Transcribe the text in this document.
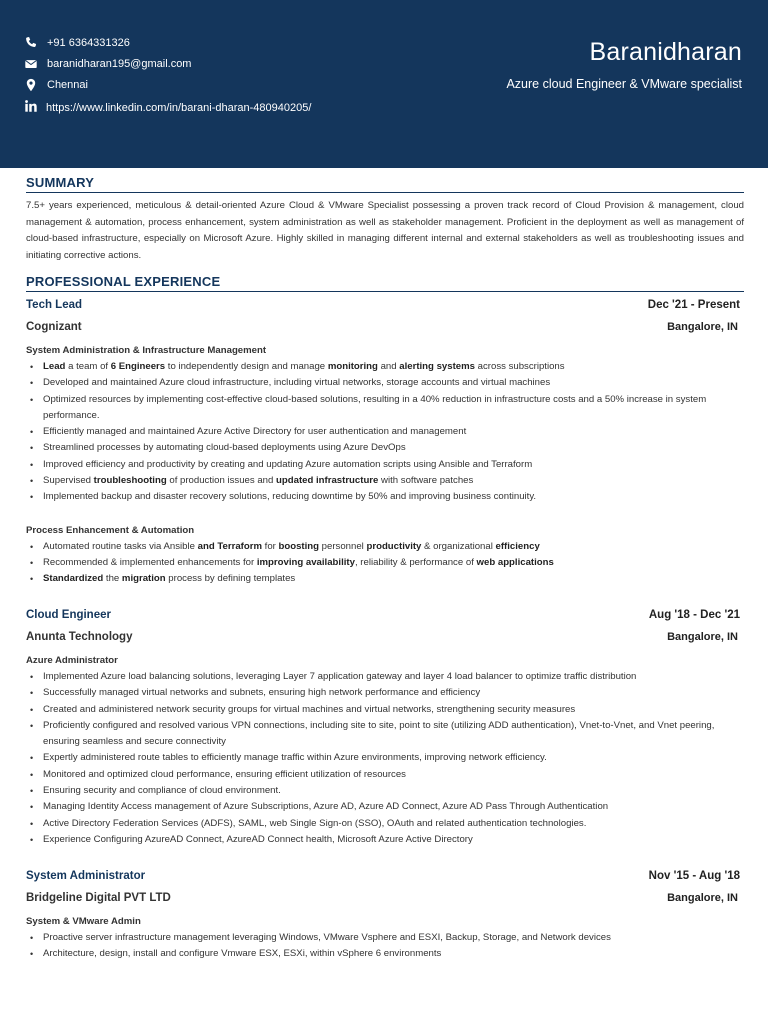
+91 6364331326
baranidharan195@gmail.com
Chennai
https://www.linkedin.com/in/barani-dharan-480940205/
Baranidharan
Azure cloud Engineer & VMware specialist
SUMMARY
7.5+ years experienced, meticulous & detail-oriented Azure Cloud & VMware Specialist possessing a proven track record of Cloud Provision & management, cloud management & automation, process enhancement, system administration as well as stakeholder management. Proficient in the deployment as well as management of cloud-based infrastructure, especially on Microsoft Azure. Highly skilled in managing different internal and external stakeholders as well as troubleshooting issues and initiating corrective actions.
PROFESSIONAL EXPERIENCE
Tech Lead	Dec '21 - Present
Cognizant	Bangalore, IN
System Administration & Infrastructure Management
• Lead a team of 6 Engineers to independently design and manage monitoring and alerting systems across subscriptions
• Developed and maintained Azure cloud infrastructure, including virtual networks, storage accounts and virtual machines
• Optimized resources by implementing cost-effective cloud-based solutions, resulting in a 40% reduction in infrastructure costs and a 50% increase in system performance.
• Efficiently managed and maintained Azure Active Directory for user authentication and management
• Streamlined processes by automating cloud-based deployments using Azure DevOps
• Improved efficiency and productivity by creating and updating Azure automation scripts using Ansible and Terraform
• Supervised troubleshooting of production issues and updated infrastructure with software patches
• Implemented backup and disaster recovery solutions, reducing downtime by 50% and improving business continuity.
Process Enhancement & Automation
• Automated routine tasks via Ansible and Terraform for boosting personnel productivity & organizational efficiency
• Recommended & implemented enhancements for improving availability, reliability & performance of web applications
• Standardized the migration process by defining templates
Cloud Engineer	Aug '18 - Dec '21
Anunta Technology	Bangalore, IN
Azure Administrator
• Implemented Azure load balancing solutions, leveraging Layer 7 application gateway and layer 4 load balancer to optimize traffic distribution
• Successfully managed virtual networks and subnets, ensuring high network performance and efficiency
• Created and administered network security groups for virtual machines and virtual networks, strengthening security measures
• Proficiently configured and resolved various VPN connections, including site to site, point to site (utilizing ADD authentication), Vnet-to-Vnet, and Vnet peering, ensuring seamless and secure connectivity
• Expertly administered route tables to efficiently manage traffic within Azure environments, improving network efficiency.
• Monitored and optimized cloud performance, ensuring efficient utilization of resources
• Ensuring security and compliance of cloud environment.
• Managing Identity Access management of Azure Subscriptions, Azure AD, Azure AD Connect, Azure AD Pass Through Authentication
• Active Directory Federation Services (ADFS), SAML, web Single Sign-on (SSO), OAuth and related authentication technologies.
• Experience Configuring AzureAD Connect, AzureAD Connect health, Microsoft Azure Active Directory
System Administrator	Nov '15 - Aug '18
Bridgeline Digital PVT LTD	Bangalore, IN
System & VMware Admin
• Proactive server infrastructure management leveraging Windows, VMware Vsphere and ESXI, Backup, Storage, and Network devices
• Architecture, design, install and configure Vmware ESX, ESXi, within vSphere 6 environments
